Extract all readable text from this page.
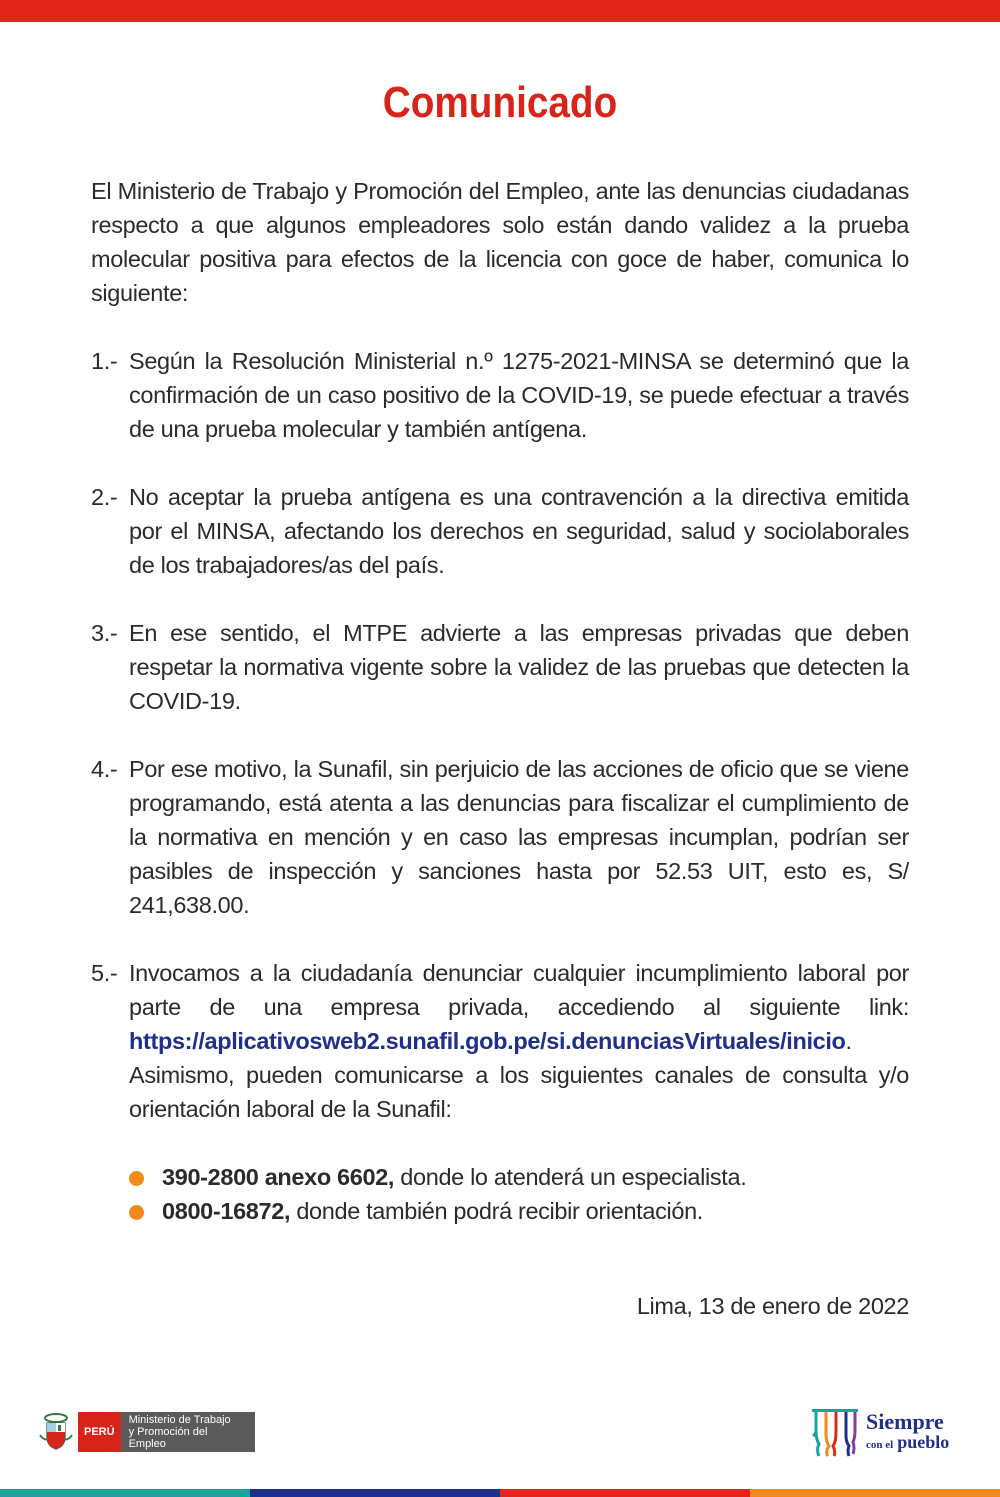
Comunicado

El Ministerio de Trabajo y Promoción del Empleo, ante las denuncias ciudadanas respecto a que algunos empleadores solo están dando validez a la prueba molecular positiva para efectos de la licencia con goce de haber, comunica lo siguiente:

1.- Según la Resolución Ministerial n.º 1275-2021-MINSA se determinó que la confirmación de un caso positivo de la COVID-19, se puede efectuar a través de una prueba molecular y también antígena.
2.- No aceptar la prueba antígena es una contravención a la directiva emitida por el MINSA, afectando los derechos en seguridad, salud y sociolaborales de los trabajadores/as del país.
3.- En ese sentido, el MTPE advierte a las empresas privadas que deben respetar la normativa vigente sobre la validez de las pruebas que detecten la COVID-19.
4.- Por ese motivo, la Sunafil, sin perjuicio de las acciones de oficio que se viene programando, está atenta a las denuncias para fiscalizar el cumplimiento de la normativa en mención y en caso las empresas incumplan, podrían ser pasibles de inspección y sanciones hasta por 52.53 UIT, esto es, S/ 241,638.00.
5.- Invocamos a la ciudadanía denunciar cualquier incumplimiento laboral por parte de una empresa privada, accediendo al siguiente link: https://aplicativosweb2.sunafil.gob.pe/si.denunciasVirtuales/inicio. Asimismo, pueden comunicarse a los siguientes canales de consulta y/o orientación laboral de la Sunafil:
390-2800 anexo 6602, donde lo atenderá un especialista.
0800-16872, donde también podrá recibir orientación.
Lima, 13 de enero de 2022
PERÚ
Ministerio de Trabajo
y Promoción del Empleo
Siempre
con el pueblo
